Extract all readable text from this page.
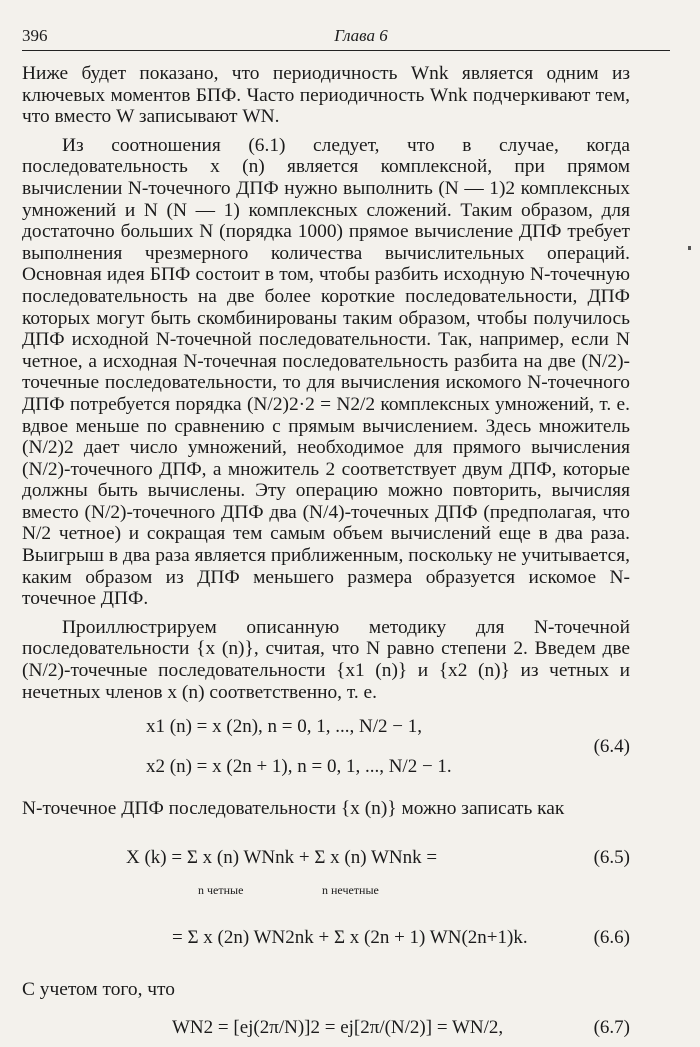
396	Глава 6

Ниже будет показано, что периодичность Wnk является одним из ключевых моментов БПФ. Часто периодичность Wnk подчеркивают тем, что вместо W записывают WN.

Из соотношения (6.1) следует, что в случае, когда последовательность x (n) является комплексной, при прямом вычислении N-точечного ДПФ нужно выполнить (N — 1)2 комплексных умножений и N (N — 1) комплексных сложений. Таким образом, для достаточно больших N (порядка 1000) прямое вычисление ДПФ требует выполнения чрезмерного количества вычислительных операций. Основная идея БПФ состоит в том, чтобы разбить исходную N-точечную последовательность на две более короткие последовательности, ДПФ которых могут быть скомбинированы таким образом, чтобы получилось ДПФ исходной N-точечной последовательности. Так, например, если N четное, а исходная N-точечная последовательность разбита на две (N/2)-точечные последовательности, то для вычисления искомого N-точечного ДПФ потребуется порядка (N/2)2·2 = N2/2 комплексных умножений, т. е. вдвое меньше по сравнению с прямым вычислением. Здесь множитель (N/2)2 дает число умножений, необходимое для прямого вычисления (N/2)-точечного ДПФ, а множитель 2 соответствует двум ДПФ, которые должны быть вычислены. Эту операцию можно повторить, вычисляя вместо (N/2)-точечного ДПФ два (N/4)-точечных ДПФ (предполагая, что N/2 четное) и сокращая тем самым объем вычислений еще в два раза. Выигрыш в два раза является приближенным, поскольку не учитывается, каким образом из ДПФ меньшего размера образуется искомое N-точечное ДПФ.

Проиллюстрируем описанную методику для N-точечной последовательности {x (n)}, считая, что N равно степени 2. Введем две (N/2)-точечные последовательности {x1 (n)} и {x2 (n)} из четных и нечетных членов x (n) соответственно, т. е.

x1 (n) = x (2n), n = 0, 1, ..., N/2 − 1,
x2 (n) = x (2n + 1), n = 0, 1, ..., N/2 − 1.
(6.4)

N-точечное ДПФ последовательности {x (n)} можно записать как

X (k) = Σ x (n) WNnk + Σ x (n) WNnk =
n четные	n нечетные
(6.5)
= Σ x (2n) WN2nk + Σ x (2n + 1) WN(2n+1)k.	(6.6)

С учетом того, что

WN2 = [ej(2π/N)]2 = ej[2π/(N/2)] = WN/2,	(6.7)
